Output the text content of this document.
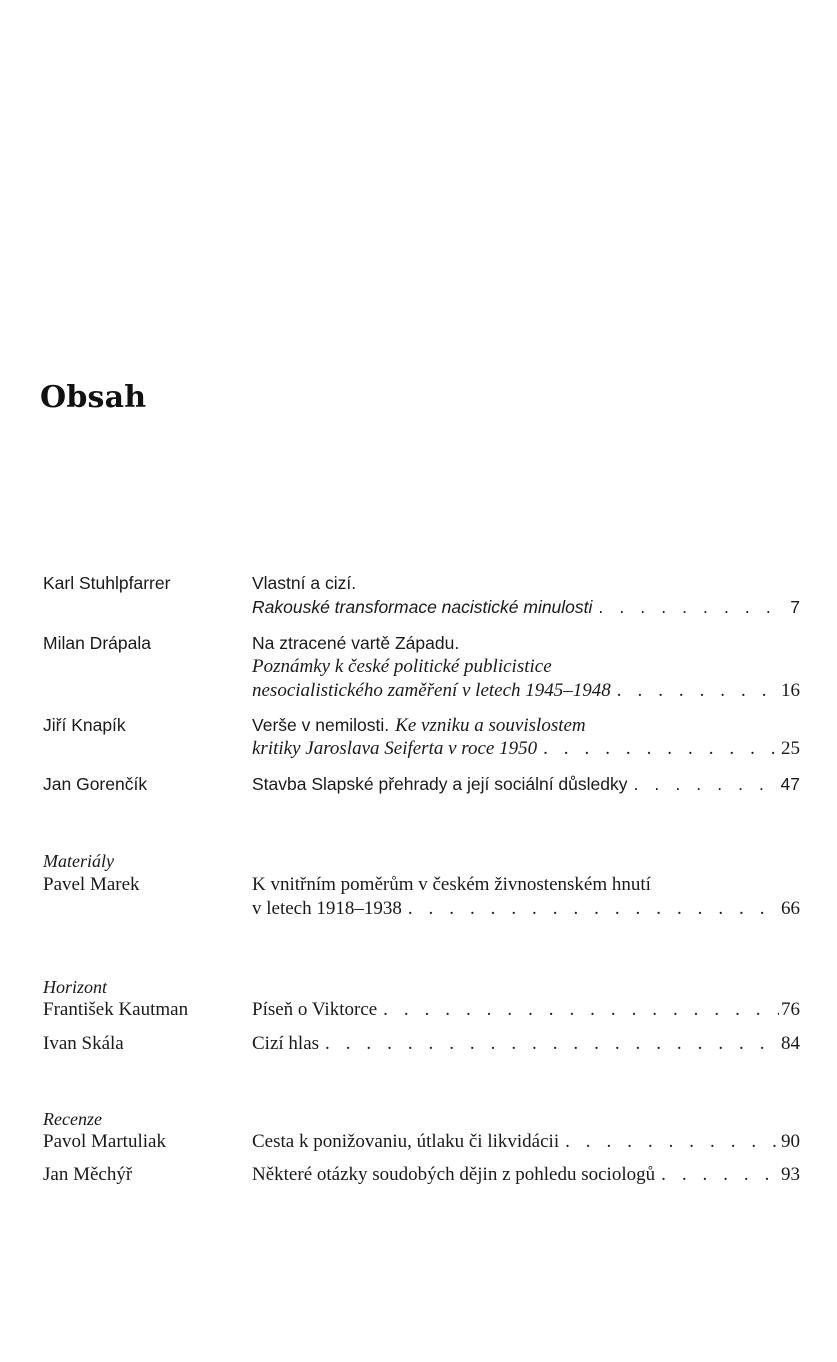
Obsah
Karl Stuhlpfarrer	Vlastní a cizí.
Rakouské transformace nacistické minulosti . . .	7
Milan Drápala	Na ztracené vartě Západu.
Poznámky k české politické publicistice
nesocialistického zaměření v letech 1945–1948 . . .	16
Jiří Knapík	Verše v nemilosti. Ke vzniku a souvislostem
kritiky Jaroslava Seiferta v roce 1950 . . .	25
Jan Gorenčík	Stavba Slapské přehrady a její sociální důsledky . . .	47
Materiály
Pavel Marek	K vnitřním poměrům v českém živnostenském hnutí
v letech 1918–1938 . . .	66
Horizont
František Kautman	Píseň o Viktorce . . .	76
Ivan Skála	Cizí hlas . . .	84
Recenze
Pavol Martuliak	Cesta k ponižovaniu, útlaku či likvidácii . . .	90
Jan Měchýř	Některé otázky soudobých dějin z pohledu sociologů . . .	93
